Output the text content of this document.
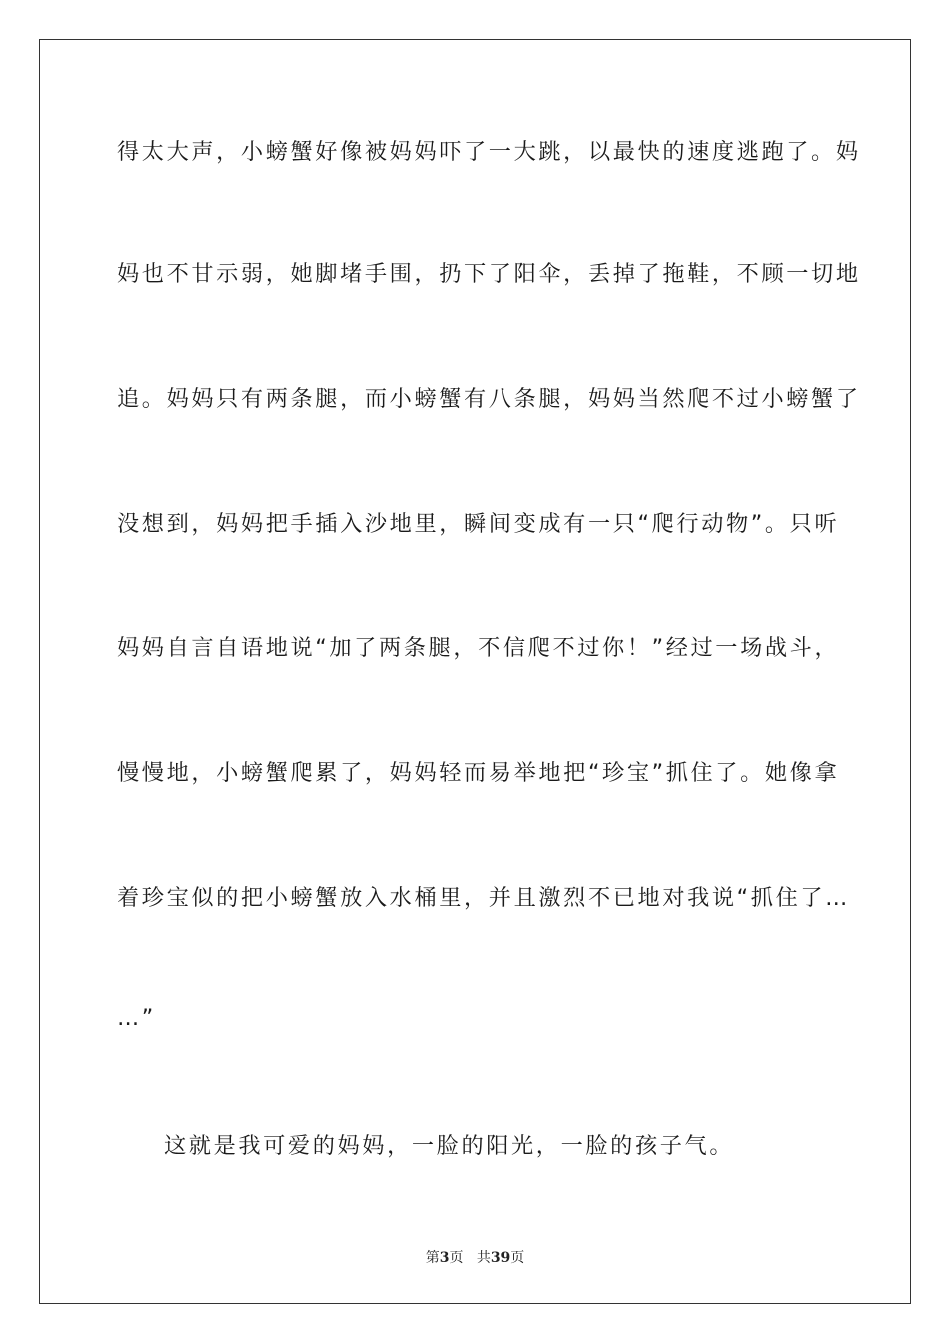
得太大声，小螃蟹好像被妈妈吓了一大跳，以最快的速度逃跑了。妈
妈也不甘示弱，她脚堵手围，扔下了阳伞，丢掉了拖鞋，不顾一切地
追。妈妈只有两条腿，而小螃蟹有八条腿，妈妈当然爬不过小螃蟹了
没想到，妈妈把手插入沙地里，瞬间变成有一只“爬行动物”。只听
妈妈自言自语地说“加了两条腿，不信爬不过你！”经过一场战斗，
慢慢地，小螃蟹爬累了，妈妈轻而易举地把“珍宝”抓住了。她像拿
着珍宝似的把小螃蟹放入水桶里，并且激烈不已地对我说“抓住了…
…”
这就是我可爱的妈妈，一脸的阳光，一脸的孩子气。
第3页 共39页
